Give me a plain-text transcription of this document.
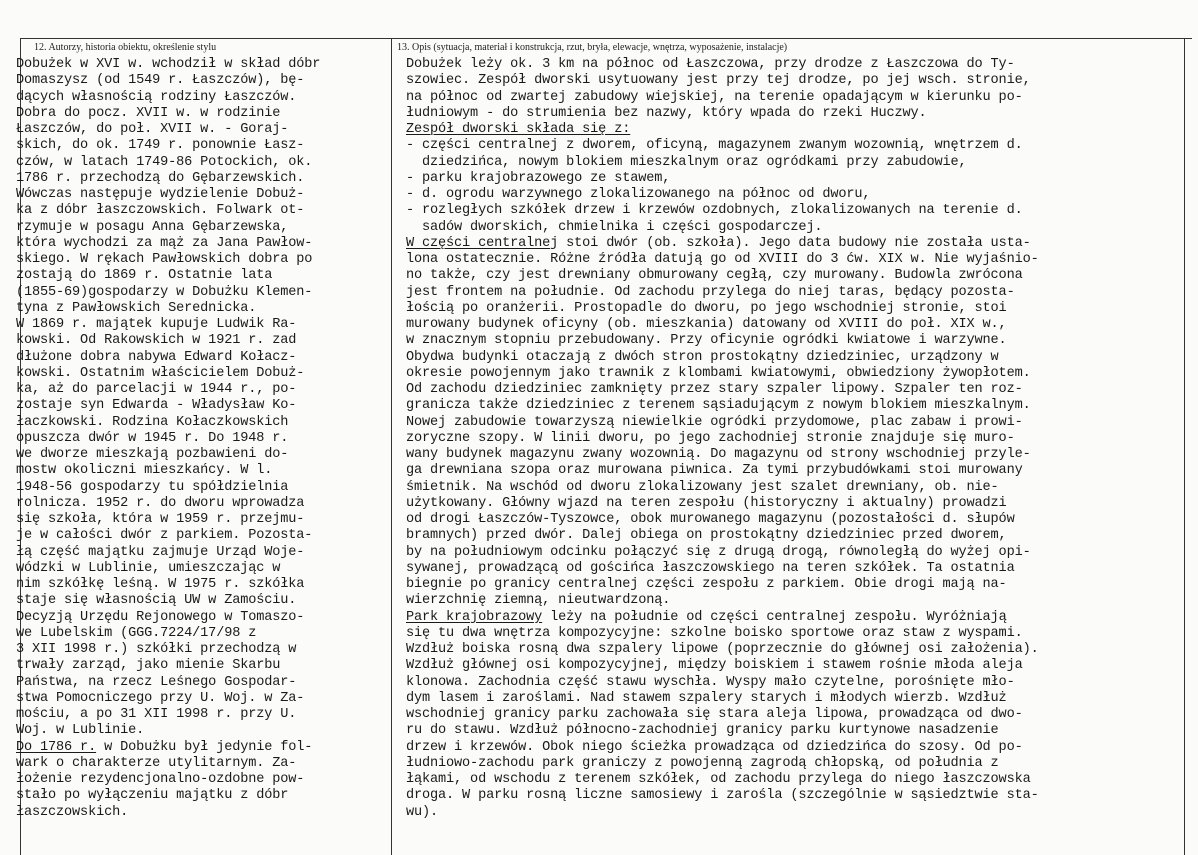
12. Autorzy, historia obiektu, określenie stylu	13. Opis (sytuacja, materiał i konstrukcja, rzut, bryła, elewacje, wnętrza, wyposażenie, instalacje)
Dobużek w XVI w. wchodził w skład dóbr
Domaszysz (od 1549 r. Łaszczów), bę-
dących własnością rodziny Łaszczów.
Dobra do pocz. XVII w. w rodzinie
Łaszczów, do poł. XVII w. - Goraj-
skich, do ok. 1749 r. ponownie Łasz-
czów, w latach 1749-86 Potockich, ok.
1786 r. przechodzą do Gębarzewskich.
Wówczas następuje wydzielenie Dobuż-
ka z dóbr łaszczowskich. Folwark ot-
rzymuje w posagu Anna Gębarzewska,
która wychodzi za mąż za Jana Pawłow-
skiego. W rękach Pawłowskich dobra po
zostają do 1869 r. Ostatnie lata
(1855-69)gospodarzy w Dobużku Klemen-
tyna z Pawłowskich Serednicka.
W 1869 r. majątek kupuje Ludwik Ra-
kowski. Od Rakowskich w 1921 r. zad
dłużone dobra nabywa Edward Kołacz-
kowski. Ostatnim właścicielem Dobuż-
ka, aż do parcelacji w 1944 r., po-
zostaje syn Edwarda - Władysław Ko-
łaczkowski. Rodzina Kołaczkowskich
opuszcza dwór w 1945 r. Do 1948 r.
we dworze mieszkają pozbawieni do-
mostw okoliczni mieszkańcy. W l.
1948-56 gospodarzy tu spółdzielnia
rolnicza. 1952 r. do dworu wprowadza
się szkoła, która w 1959 r. przejmu-
je w całości dwór z parkiem. Pozosta-
łą część majątku zajmuje Urząd Woje-
wódzki w Lublinie, umieszczając w
nim szkółkę leśną. W 1975 r. szkółka
staje się własnością UW w Zamościu.
Decyzją Urzędu Rejonowego w Tomaszo-
we Lubelskim (GGG.7224/17/98 z
3 XII 1998 r.) szkółki przechodzą w
trwały zarząd, jako mienie Skarbu
Państwa, na rzecz Leśnego Gospodar-
stwa Pomocniczego przy U. Woj. w Za-
mościu, a po 31 XII 1998 r. przy U.
Woj. w Lublinie.
Do 1786 r. w Dobużku był jedynie fol-
wark o charakterze utylitarnym. Za-
łożenie rezydencjonalno-ozdobne pow-
stało po wyłączeniu majątku z dóbr
łaszczowskich.
Dobużek leży ok. 3 km na północ od Łaszczowa, przy drodze z Łaszczowa do Ty-
szowiec. Zespół dworski usytuowany jest przy tej drodze, po jej wsch. stronie,
na północ od zwartej zabudowy wiejskiej, na terenie opadającym w kierunku po-
łudniowym - do strumienia bez nazwy, który wpada do rzeki Huczwy.
Zespół dworski składa się z:
- części centralnej z dworem, oficyną, magazynem zwanym wozownią, wnętrzem d.
dziedzińca, nowym blokiem mieszkalnym oraz ogródkami przy zabudowie,
- parku krajobrazowego ze stawem,
- d. ogrodu warzywnego zlokalizowanego na północ od dworu,
- rozległych szkółek drzew i krzewów ozdobnych, zlokalizowanych na terenie d.
sadów dworskich, chmielnika i części gospodarczej.
W części centralnej stoi dwór (ob. szkoła). Jego data budowy nie została usta-
lona ostatecznie. Różne źródła datują go od XVIII do 3 ćw. XIX w. Nie wyjaśnio-
no także, czy jest drewniany obmurowany cegłą, czy murowany. Budowla zwrócona
jest frontem na południe. Od zachodu przylega do niej taras, będący pozosta-
łością po oranżerii. Prostopadle do dworu, po jego wschodniej stronie, stoi
murowany budynek oficyny (ob. mieszkania) datowany od XVIII do poł. XIX w.,
w znacznym stopniu przebudowany. Przy oficynie ogródki kwiatowe i warzywne.
Obydwa budynki otaczają z dwóch stron prostokątny dziedziniec, urządzony w
okresie powojennym jako trawnik z klombami kwiatowymi, obwiedziony żywopłotem.
Od zachodu dziedziniec zamknięty przez stary szpaler lipowy. Szpaler ten roz-
granicza także dziedziniec z terenem sąsiadującym z nowym blokiem mieszkalnym.
Nowej zabudowie towarzyszą niewielkie ogródki przydomowe, plac zabaw i prowi-
zoryczne szopy. W linii dworu, po jego zachodniej stronie znajduje się muro-
wany budynek magazynu zwany wozownią. Do magazynu od strony wschodniej przyle-
ga drewniana szopa oraz murowana piwnica. Za tymi przybudówkami stoi murowany
śmietnik. Na wschód od dworu zlokalizowany jest szalet drewniany, ob. nie-
użytkowany. Główny wjazd na teren zespołu (historyczny i aktualny) prowadzi
od drogi Łaszczów-Tyszowce, obok murowanego magazynu (pozostałości d. słupów
bramnych) przed dwór. Dalej obiega on prostokątny dziedziniec przed dworem,
by na południowym odcinku połączyć się z drugą drogą, równoległą do wyżej opi-
sywanej, prowadzącą od gościńca łaszczowskiego na teren szkółek. Ta ostatnia
biegnie po granicy centralnej części zespołu z parkiem. Obie drogi mają na-
wierzchnię ziemną, nieutwardzoną.
Park krajobrazowy leży na południe od części centralnej zespołu. Wyróżniają
się tu dwa wnętrza kompozycyjne: szkolne boisko sportowe oraz staw z wyspami.
Wzdłuż boiska rosną dwa szpalery lipowe (poprzecznie do głównej osi założenia).
Wzdłuż głównej osi kompozycyjnej, między boiskiem i stawem rośnie młoda aleja
klonowa. Zachodnia część stawu wyschła. Wyspy mało czytelne, porośnięte mło-
dym lasem i zaroślami. Nad stawem szpalery starych i młodych wierzb. Wzdłuż
wschodniej granicy parku zachowała się stara aleja lipowa, prowadząca od dwo-
ru do stawu. Wzdłuż północno-zachodniej granicy parku kurtynowe nasadzenie
drzew i krzewów. Obok niego ścieżka prowadząca od dziedzińca do szosy. Od po-
łudniowo-zachodu park graniczy z powojenną zagrodą chłopską, od południa z
łąkami, od wschodu z terenem szkółek, od zachodu przylega do niego łaszczowska
droga. W parku rosną liczne samosiewy i zarośla (szczególnie w sąsiedztwie sta-
wu).
